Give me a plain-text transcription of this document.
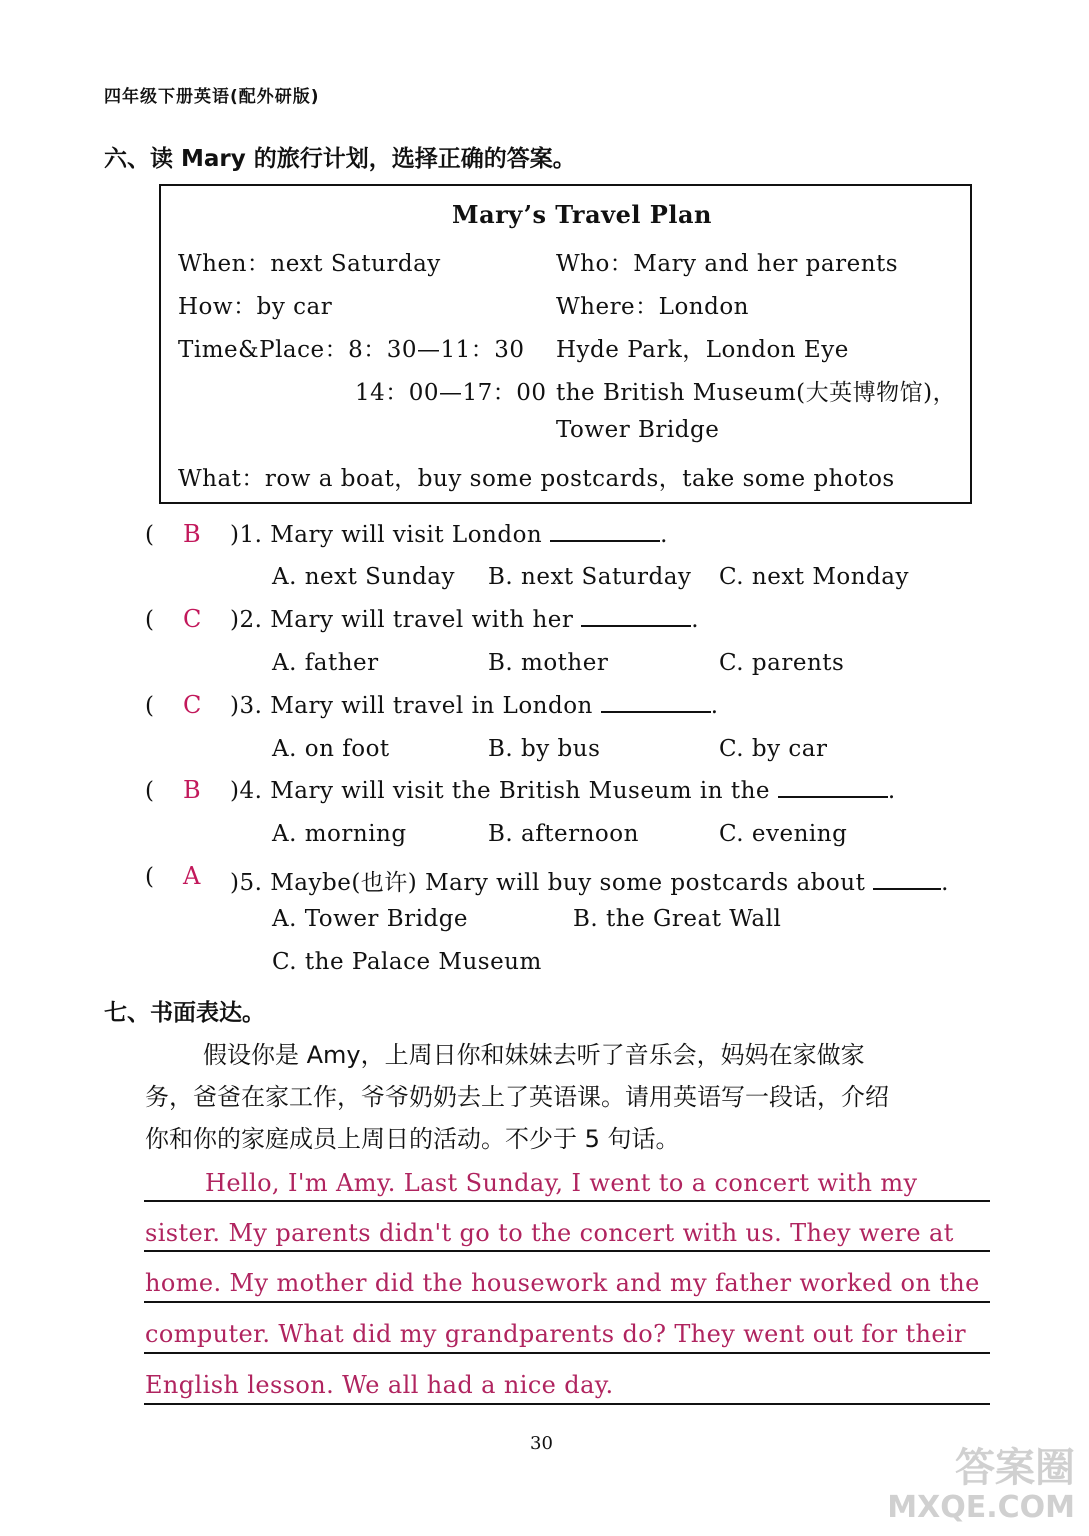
四年级下册英语(配外研版)
六、读 Mary 的旅行计划，选择正确的答案。
Mary’s Travel Plan
When：next Saturday	Who：Mary and her parents
How：by car	Where：London
Time&Place：8：30—11：30 Hyde Park，London Eye
14：00—17：00 the British Museum(大英博物馆)，
Tower Bridge
What：row a boat，buy some postcards，take some photos
( B )1. Mary will visit London	.
A. next Sunday B. next Saturday C. next Monday
( C )2. Mary will travel with her	.
A. father	B. mother	C. parents
( C )3. Mary will travel in London	.
A. on foot	B. by bus	C. by car
( B )4. Mary will visit the British Museum in the	.
A. morning	B. afternoon	C. evening
( A )5. Maybe(也许) Mary will buy some postcards about	.
A. Tower Bridge	B. the Great Wall
C. the Palace Museum
七、书面表达。
假设你是 Amy，上周日你和妹妹去听了音乐会，妈妈在家做家
务，爸爸在家工作，爷爷奶奶去上了英语课。请用英语写一段话，介绍
你和你的家庭成员上周日的活动。不少于 5 句话。
Hello, I'm Amy. Last Sunday, I went to a concert with my
sister. My parents didn't go to the concert with us. They were at
home. My mother did the housework and my father worked on the
computer. What did my grandparents do? They went out for their
English lesson. We all had a nice day.
30
答案圈
MXQE.COM
